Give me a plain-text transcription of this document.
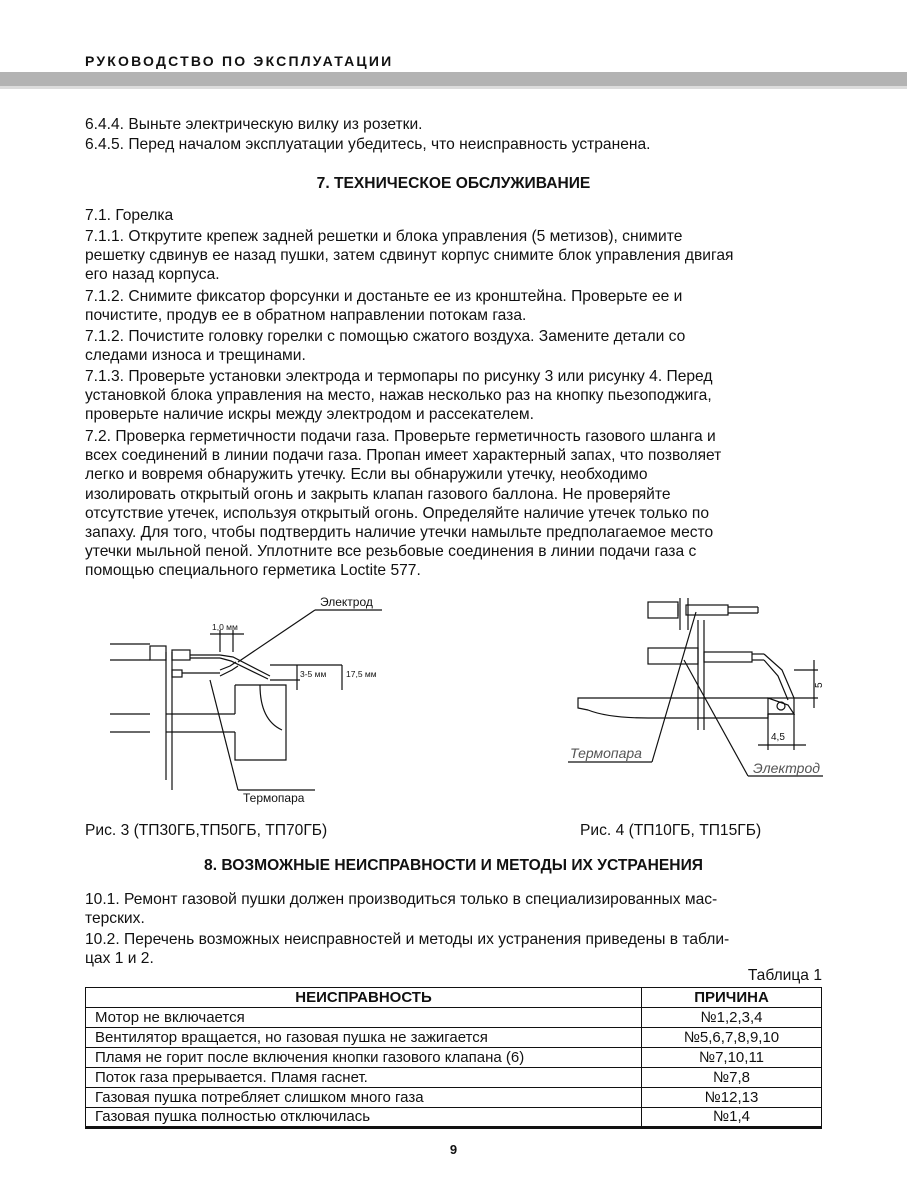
РУКОВОДСТВО ПО ЭКСПЛУАТАЦИИ
6.4.4. Выньте электрическую вилку из розетки.
6.4.5. Перед началом эксплуатации убедитесь, что неисправность устранена.
7. ТЕХНИЧЕСКОЕ ОБСЛУЖИВАНИЕ
7.1. Горелка
7.1.1. Открутите крепеж задней решетки и блока управления (5 метизов), снимите
решетку сдвинув ее назад пушки, затем сдвинут корпус снимите блок управления двигая
его назад корпуса.
7.1.2. Снимите фиксатор форсунки и достаньте ее из кронштейна. Проверьте ее и
почистите, продув ее в обратном направлении потокам газа.
7.1.2. Почистите головку горелки с помощью сжатого воздуха. Замените детали со
следами износа и трещинами.
7.1.3. Проверьте установки электрода и термопары по рисунку 3 или рисунку 4. Перед
установкой блока управления на место, нажав несколько раз на кнопку пьезоподжига,
проверьте наличие искры между электродом и рассекателем.
7.2. Проверка герметичности подачи газа. Проверьте герметичность газового шланга и
всех соединений в линии подачи газа. Пропан имеет характерный запах, что позволяет
легко и вовремя обнаружить утечку. Если вы обнаружили утечку, необходимо
изолировать открытый огонь и закрыть клапан газового баллона. Не проверяйте
отсутствие утечек, используя открытый огонь. Определяйте наличие утечек только по
запаху. Для того, чтобы подтвердить наличие утечки намыльте предполагаемое место
утечки мыльной пеной. Уплотните все резьбовые соединения в линии подачи газа с
помощью специального герметика Loctite 577.
1,0 мм
3-5 мм 17,5 мм
Электрод
Термопара
Рис. 3 (ТП30ГБ,ТП50ГБ, ТП70ГБ)
5
4,5
Термопара
Электрод
Рис. 4 (ТП10ГБ, ТП15ГБ)
8. ВОЗМОЖНЫЕ НЕИСПРАВНОСТИ И МЕТОДЫ ИХ УСТРАНЕНИЯ
10.1. Ремонт газовой пушки должен производиться только в специализированных мас-
терских.
10.2. Перечень возможных неисправностей и методы их устранения приведены в табли-
цах 1 и 2.
Таблица 1
НЕИСПРАВНОСТЬ	ПРИЧИНА
Мотор не включается	№1,2,3,4
Вентилятор вращается, но газовая пушка не зажигается	№5,6,7,8,9,10
Пламя не горит после включения кнопки газового клапана (6)	№7,10,11
Поток газа прерывается. Пламя гаснет.	№7,8
Газовая пушка потребляет слишком много газа	№12,13
Газовая пушка полностью отключилась	№1,4
9
